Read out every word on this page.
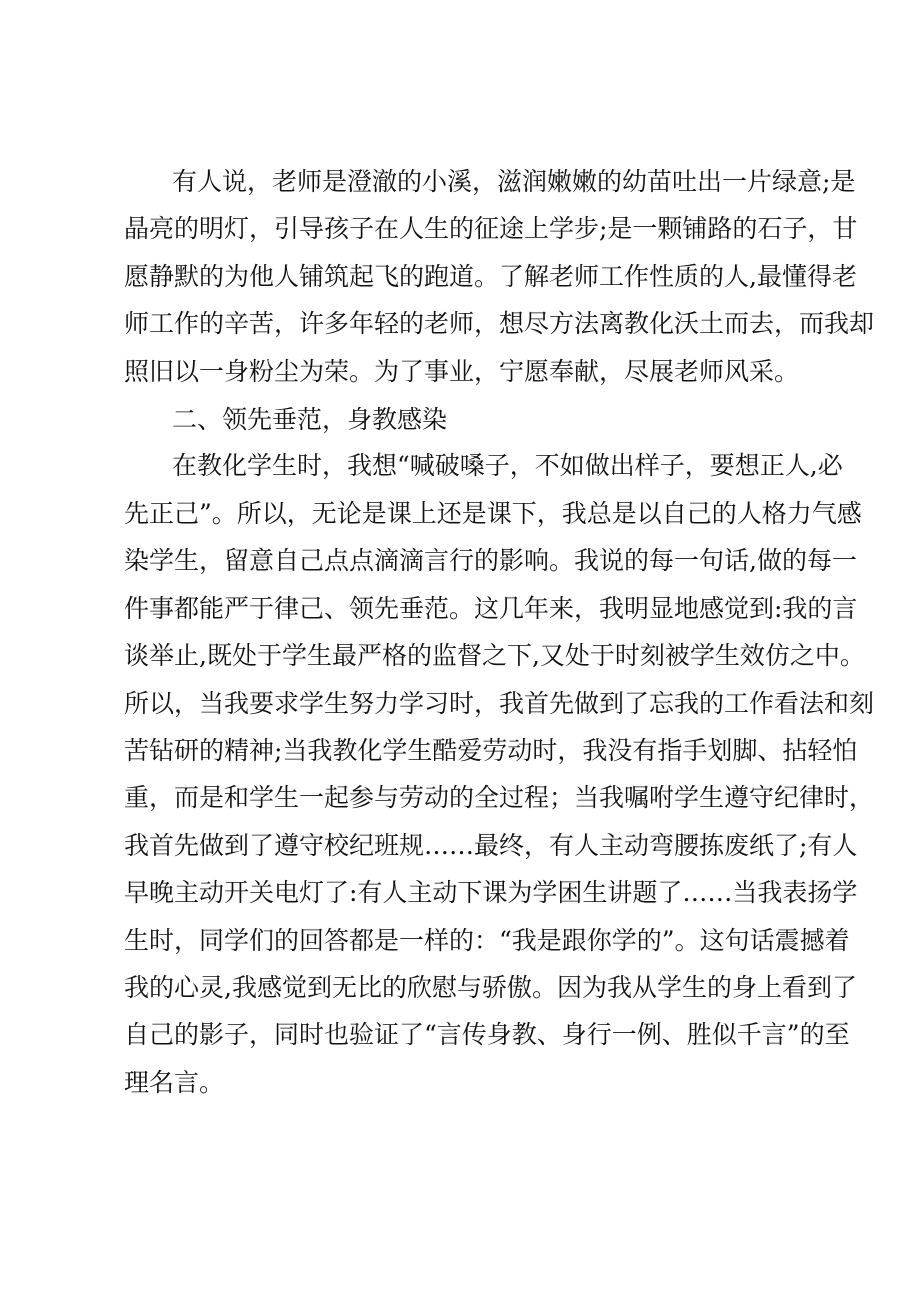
有人说，老师是澄澈的小溪，滋润嫩嫩的幼苗吐出一片绿意;是
晶亮的明灯，引导孩子在人生的征途上学步;是一颗铺路的石子，甘
愿静默的为他人铺筑起飞的跑道。了解老师工作性质的人,最懂得老
师工作的辛苦，许多年轻的老师，想尽方法离教化沃土而去，而我却
照旧以一身粉尘为荣。为了事业，宁愿奉献，尽展老师风采。
二、领先垂范，身教感染
在教化学生时，我想“喊破嗓子，不如做出样子，要想正人,必
先正己”。所以，无论是课上还是课下，我总是以自己的人格力气感
染学生，留意自己点点滴滴言行的影响。我说的每一句话,做的每一
件事都能严于律己、领先垂范。这几年来，我明显地感觉到:我的言
谈举止,既处于学生最严格的监督之下,又处于时刻被学生效仿之中。
所以，当我要求学生努力学习时，我首先做到了忘我的工作看法和刻
苦钻研的精神;当我教化学生酷爱劳动时，我没有指手划脚、拈轻怕
重，而是和学生一起参与劳动的全过程；当我嘱咐学生遵守纪律时，
我首先做到了遵守校纪班规……最终，有人主动弯腰拣废纸了;有人
早晚主动开关电灯了:有人主动下课为学困生讲题了……当我表扬学
生时，同学们的回答都是一样的：“我是跟你学的”。这句话震撼着
我的心灵,我感觉到无比的欣慰与骄傲。因为我从学生的身上看到了
自己的影子，同时也验证了“言传身教、身行一例、胜似千言”的至
理名言。
